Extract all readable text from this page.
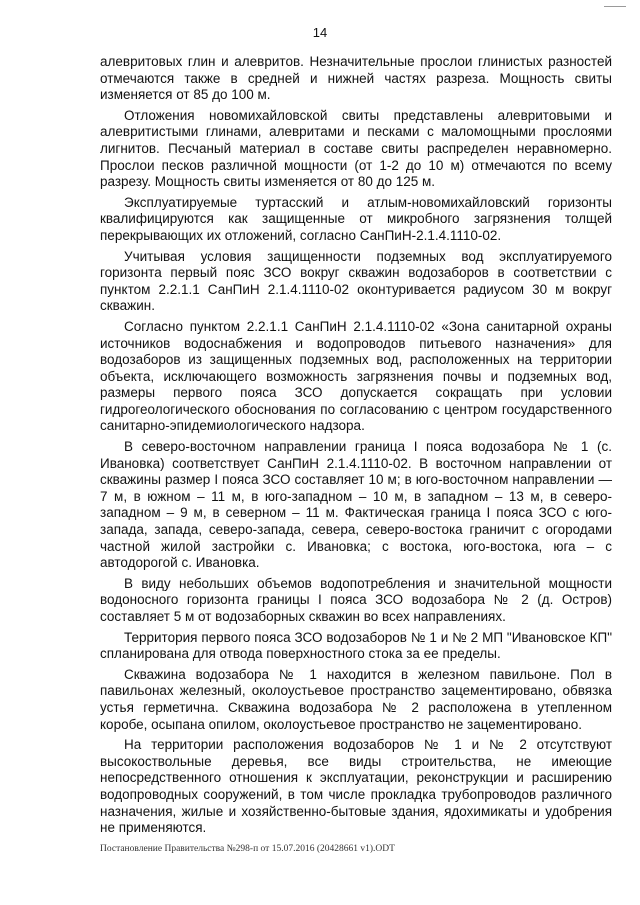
14

алевритовых глин и алевритов. Незначительные прослои глинистых разностей отмечаются также в средней и нижней частях разреза. Мощность свиты изменяется от 85 до 100 м.

Отложения новомихайловской свиты представлены алевритовыми и алевритистыми глинами, алевритами и песками с маломощными прослоями лигнитов. Песчаный материал в составе свиты распределен неравномерно. Прослои песков различной мощности (от 1-2 до 10 м) отмечаются по всему разрезу. Мощность свиты изменяется от 80 до 125 м.

Эксплуатируемые туртасский и атлым-новомихайловский горизонты квалифицируются как защищенные от микробного загрязнения толщей перекрывающих их отложений, согласно СанПиН-2.1.4.1110-02.

Учитывая условия защищенности подземных вод эксплуатируемого горизонта первый пояс ЗСО вокруг скважин водозаборов в соответствии с пунктом 2.2.1.1 СанПиН 2.1.4.1110-02 оконтуривается радиусом 30 м вокруг скважин.

Согласно пунктом 2.2.1.1 СанПиН 2.1.4.1110-02 «Зона санитарной охраны источников водоснабжения и водопроводов питьевого назначения» для водозаборов из защищенных подземных вод, расположенных на территории объекта, исключающего возможность загрязнения почвы и подземных вод, размеры первого пояса ЗСО допускается сокращать при условии гидрогеологического обоснования по согласованию с центром государственного санитарно-эпидемиологического надзора.

В северо-восточном направлении граница I пояса водозабора № 1 (с. Ивановка) соответствует СанПиН 2.1.4.1110-02. В восточном направлении от скважины размер I пояса ЗСО составляет 10 м; в юго-восточном направлении — 7 м, в южном – 11 м, в юго-западном – 10 м, в западном – 13 м, в северо-западном – 9 м, в северном – 11 м. Фактическая граница I пояса ЗСО с юго-запада, запада, северо-запада, севера, северо-востока граничит с огородами частной жилой застройки с. Ивановка; с востока, юго-востока, юга – с автодорогой с. Ивановка.

В виду небольших объемов водопотребления и значительной мощности водоносного горизонта границы I пояса ЗСО водозабора № 2 (д. Остров) составляет 5 м от водозаборных скважин во всех направлениях.

Территория первого пояса ЗСО водозаборов № 1 и № 2 МП "Ивановское КП" спланирована для отвода поверхностного стока за ее пределы.

Скважина водозабора № 1 находится в железном павильоне. Пол в павильонах железный, околоустьевое пространство зацементировано, обвязка устья герметична. Скважина водозабора № 2 расположена в утепленном коробе, осыпана опилом, околоустьевое пространство не зацементировано.

На территории расположения водозаборов № 1 и № 2 отсутствуют высокоствольные деревья, все виды строительства, не имеющие непосредственного отношения к эксплуатации, реконструкции и расширению водопроводных сооружений, в том числе прокладка трубопроводов различного назначения, жилые и хозяйственно-бытовые здания, ядохимикаты и удобрения не применяются.

Постановление Правительства №298-п от 15.07.2016 (20428661 v1).ODT
